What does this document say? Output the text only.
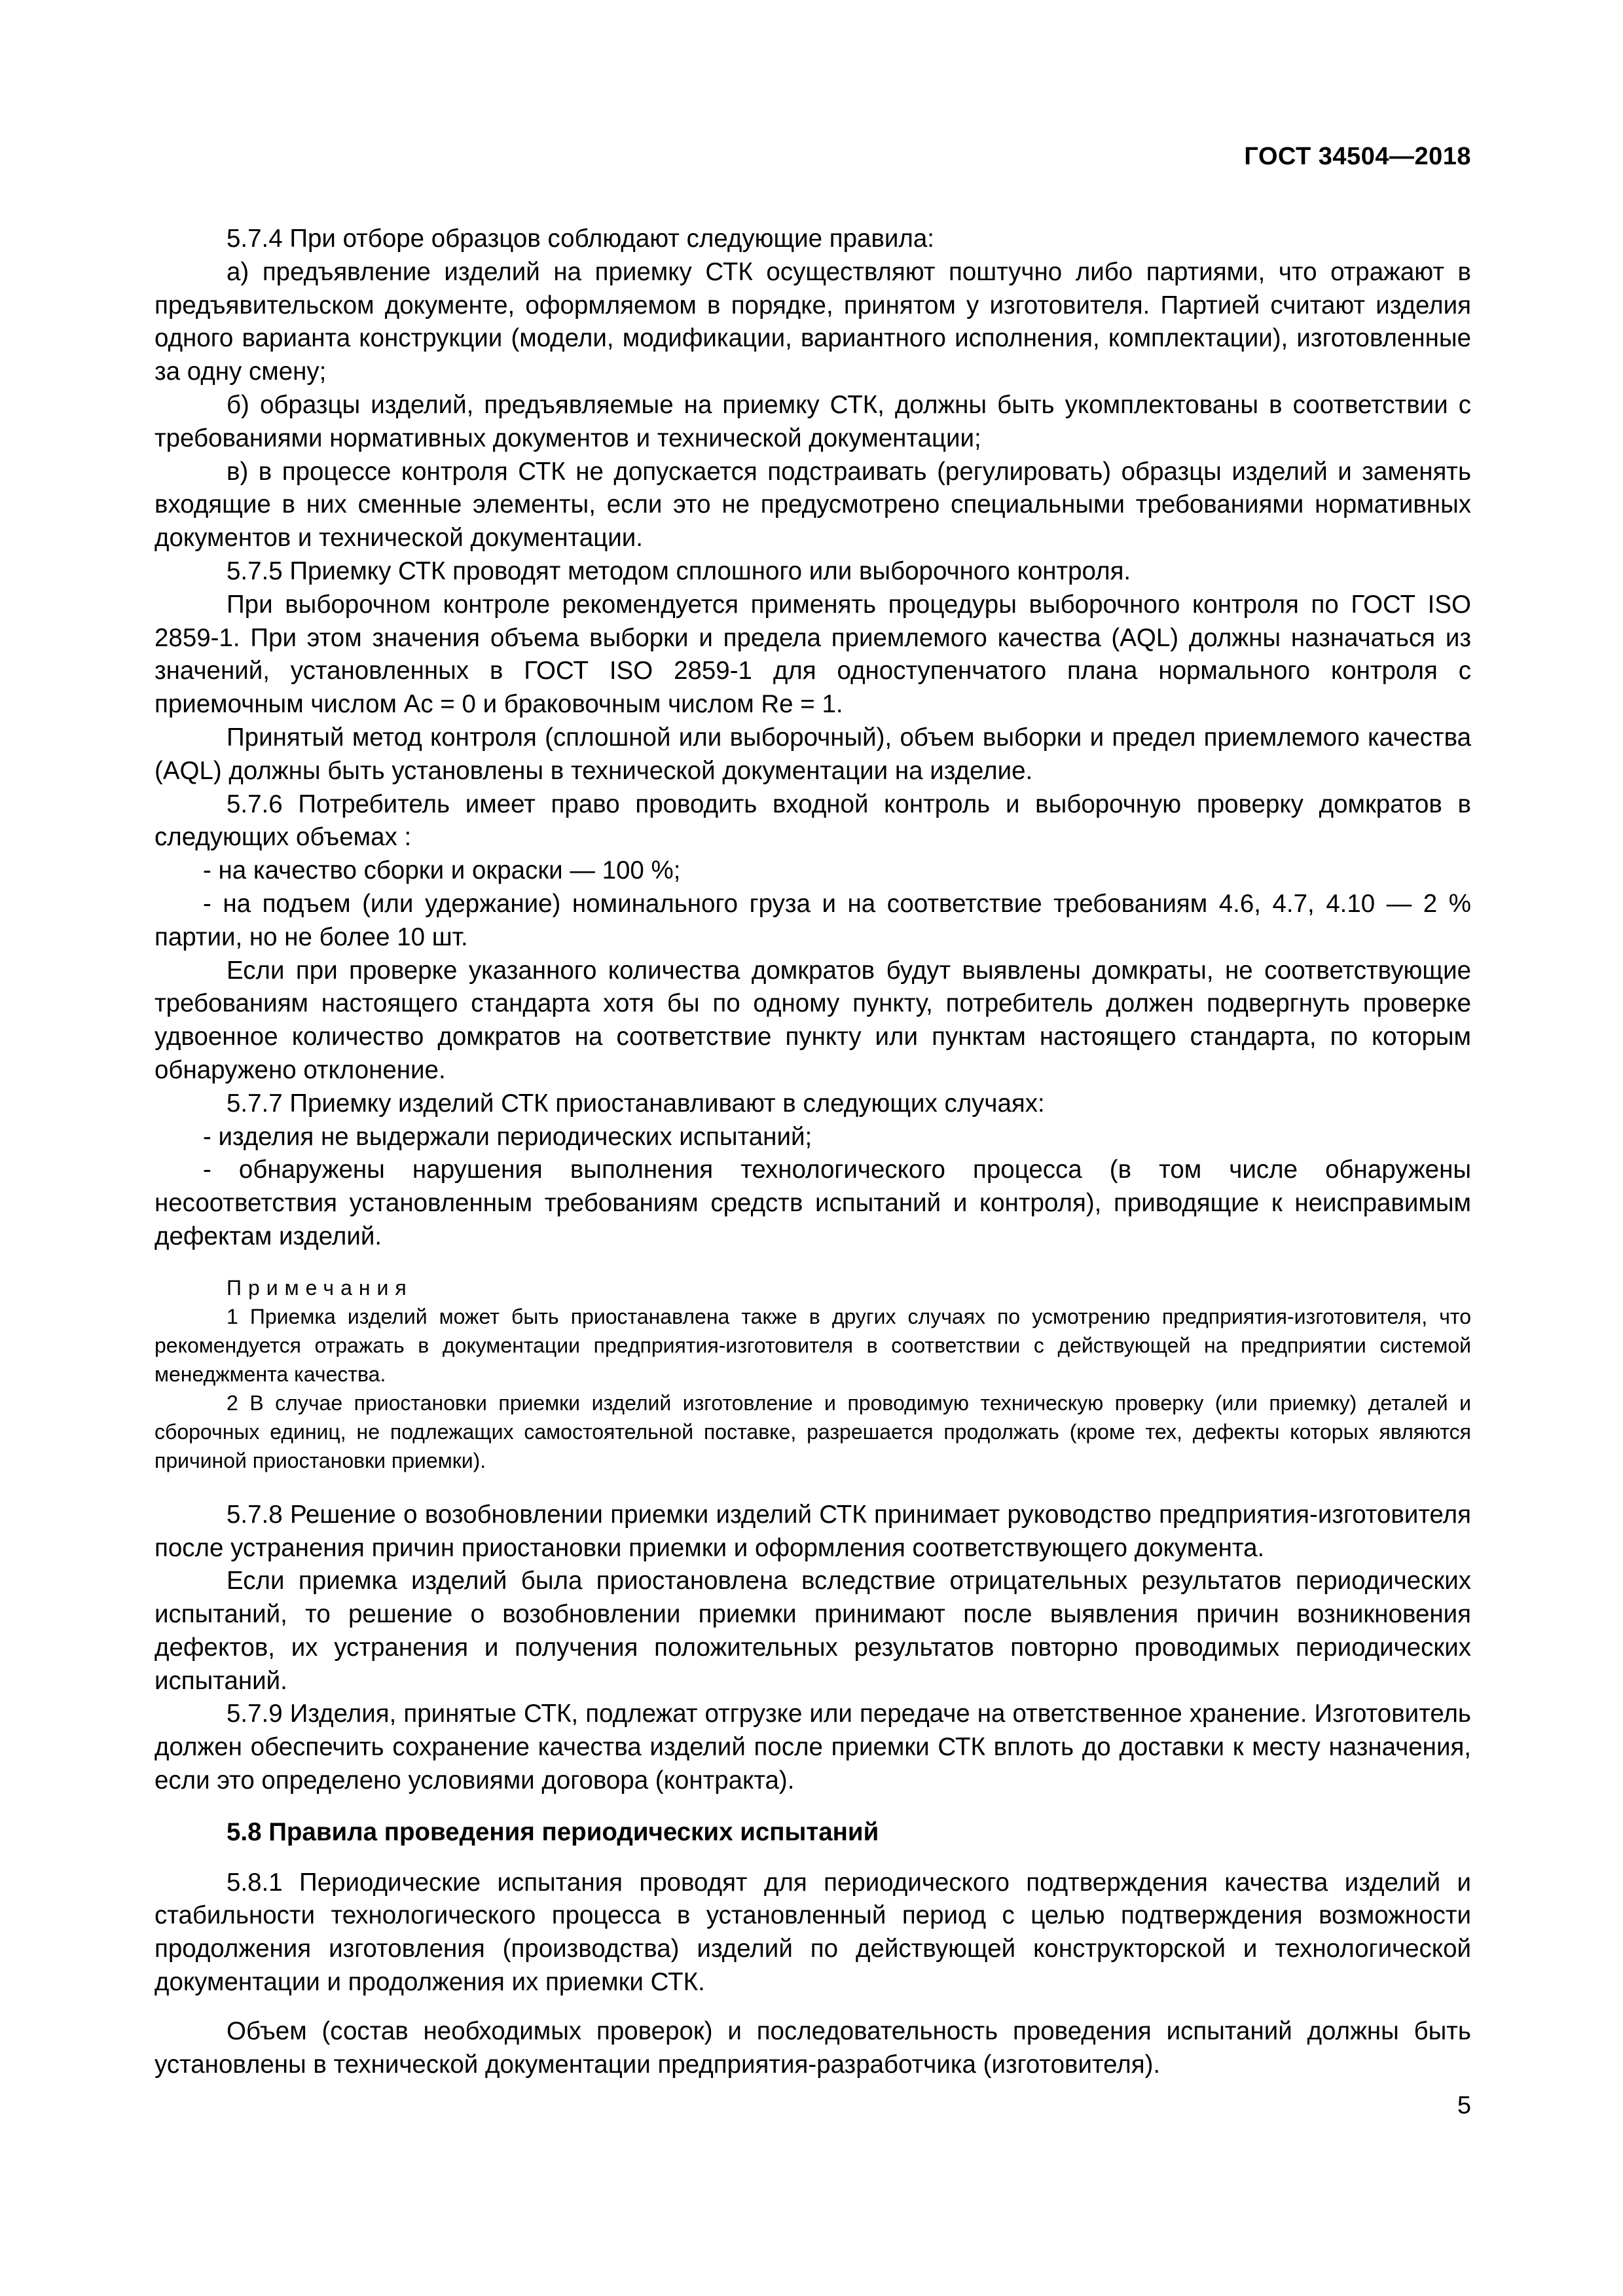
ГОСТ 34504—2018

5.7.4 При отборе образцов соблюдают следующие правила:

а) предъявление изделий на приемку СТК осуществляют поштучно либо партиями, что отражают в предъявительском документе, оформляемом в порядке, принятом у изготовителя. Партией считают изделия одного варианта конструкции (модели, модификации, вариантного исполнения, комплектации), изготовленные за одну смену;

б) образцы изделий, предъявляемые на приемку СТК, должны быть укомплектованы в соответствии с требованиями нормативных документов и технической документации;

в) в процессе контроля СТК не допускается подстраивать (регулировать) образцы изделий и заменять входящие в них сменные элементы, если это не предусмотрено специальными требованиями нормативных документов и технической документации.

5.7.5 Приемку СТК проводят методом сплошного или выборочного контроля.

При выборочном контроле рекомендуется применять процедуры выборочного контроля по ГОСТ ISO 2859-1. При этом значения объема выборки и предела приемлемого качества (AQL) должны назначаться из значений, установленных в ГОСТ ISO 2859-1 для одноступенчатого плана нормального контроля с приемочным числом Ac = 0 и браковочным числом Re = 1.

Принятый метод контроля (сплошной или выборочный), объем выборки и предел приемлемого качества (AQL) должны быть установлены в технической документации на изделие.

5.7.6 Потребитель имеет право проводить входной контроль и выборочную проверку домкратов в следующих объемах :

- на качество сборки и окраски — 100 %;

- на подъем (или удержание) номинального груза и на соответствие требованиям 4.6, 4.7, 4.10 — 2 % партии, но не более 10 шт.

Если при проверке указанного количества домкратов будут выявлены домкраты, не соответствующие требованиям настоящего стандарта хотя бы по одному пункту, потребитель должен подвергнуть проверке удвоенное количество домкратов на соответствие пункту или пунктам настоящего стандарта, по которым обнаружено отклонение.

5.7.7 Приемку изделий СТК приостанавливают в следующих случаях:

- изделия не выдержали периодических испытаний;

- обнаружены нарушения выполнения технологического процесса (в том числе обнаружены несоответствия установленным требованиям средств испытаний и контроля), приводящие к неисправимым дефектам изделий.

Примечания

1 Приемка изделий может быть приостанавлена также в других случаях по усмотрению предприятия-изготовителя, что рекомендуется отражать в документации предприятия-изготовителя в соответствии с действующей на предприятии системой менеджмента качества.

2 В случае приостановки приемки изделий изготовление и проводимую техническую проверку (или приемку) деталей и сборочных единиц, не подлежащих самостоятельной поставке, разрешается продолжать (кроме тех, дефекты которых являются причиной приостановки приемки).

5.7.8 Решение о возобновлении приемки изделий СТК принимает руководство предприятия-изготовителя после устранения причин приостановки приемки и оформления соответствующего документа.

Если приемка изделий была приостановлена вследствие отрицательных результатов периодических испытаний, то решение о возобновлении приемки принимают после выявления причин возникновения дефектов, их устранения и получения положительных результатов повторно проводимых периодических испытаний.

5.7.9 Изделия, принятые СТК, подлежат отгрузке или передаче на ответственное хранение. Изготовитель должен обеспечить сохранение качества изделий после приемки СТК вплоть до доставки к месту назначения, если это определено условиями договора (контракта).

5.8 Правила проведения периодических испытаний

5.8.1 Периодические испытания проводят для периодического подтверждения качества изделий и стабильности технологического процесса в установленный период с целью подтверждения возможности продолжения изготовления (производства) изделий по действующей конструкторской и технологической документации и продолжения их приемки СТК.

Объем (состав необходимых проверок) и последовательность проведения испытаний должны быть установлены в технической документации предприятия-разработчика (изготовителя).

5
